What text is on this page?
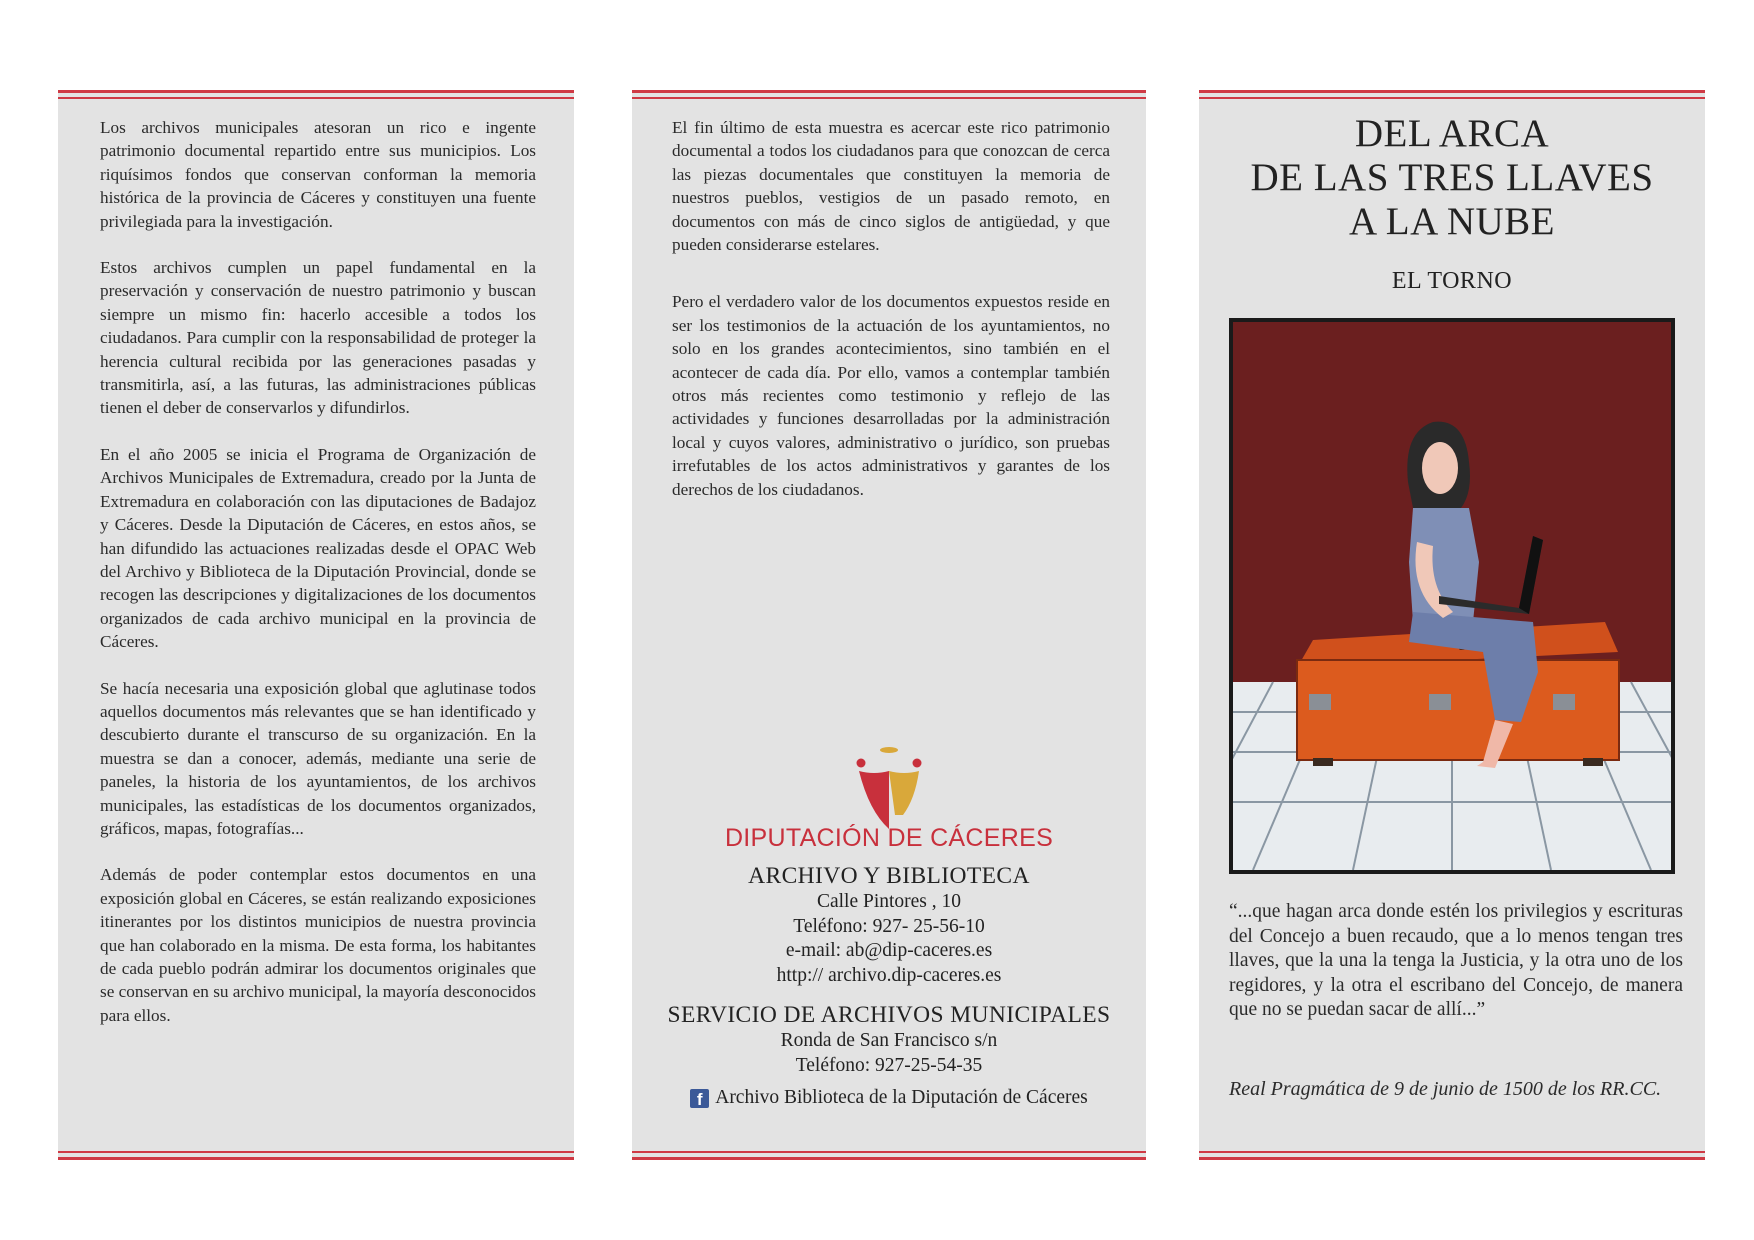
Los archivos municipales atesoran un rico e ingente patrimonio documental repartido entre sus municipios. Los riquísimos fondos que conservan conforman la memoria histórica de la provincia de Cáceres y constituyen una fuente privilegiada para la investigación.

Estos archivos cumplen un papel fundamental en la preservación y conservación de nuestro patrimonio y buscan siempre un mismo fin: hacerlo accesible a todos los ciudadanos. Para cumplir con la responsabilidad de proteger la herencia cultural recibida por las generaciones pasadas y transmitirla, así, a las futuras, las administraciones públicas tienen el deber de conservarlos y difundirlos.

En el año 2005 se inicia el Programa de Organización de Archivos Municipales de Extremadura, creado por la Junta de Extremadura en colaboración con las diputaciones de Badajoz y Cáceres. Desde la Diputación de Cáceres, en estos años, se han difundido las actuaciones realizadas desde el OPAC Web del Archivo y Biblioteca de la Diputación Provincial, donde se recogen las descripciones y digitalizaciones de los documentos organizados de cada archivo municipal en la provincia de Cáceres.

Se hacía necesaria una exposición global que aglutinase todos aquellos documentos más relevantes que se han identificado y descubierto durante el transcurso de su organización. En la muestra se dan a conocer, además, mediante una serie de paneles, la historia de los ayuntamientos, de los archivos municipales, las estadísticas de los documentos organizados, gráficos, mapas, fotografías...

Además de poder contemplar estos documentos en una exposición global en Cáceres, se están realizando exposiciones itinerantes por los distintos municipios de nuestra provincia que han colaborado en la misma. De esta forma, los habitantes de cada pueblo podrán admirar los documentos originales que se conservan en su archivo municipal, la mayoría desconocidos para ellos.

El fin último de esta muestra es acercar este rico patrimonio documental a todos los ciudadanos para que conozcan de cerca las piezas documentales que constituyen la memoria de nuestros pueblos, vestigios de un pasado remoto, en documentos con más de cinco siglos de antigüedad, y que pueden considerarse estelares.

Pero el verdadero valor de los documentos expuestos reside en ser los testimonios de la actuación de los ayuntamientos, no solo en los grandes acontecimientos, sino también en el acontecer de cada día. Por ello, vamos a contemplar también otros más recientes como testimonio y reflejo de las actividades y funciones desarrolladas por la administración local y cuyos valores, administrativo o jurídico, son pruebas irrefutables de los actos administrativos y garantes de los derechos de los ciudadanos.

DIPUTACIÓN DE CÁCERES
ARCHIVO Y BIBLIOTECA
Calle Pintores , 10
Teléfono: 927- 25-56-10
e-mail: ab@dip-caceres.es
http:// archivo.dip-caceres.es
SERVICIO DE ARCHIVOS MUNICIPALES
Ronda de San Francisco s/n
Teléfono: 927-25-54-35
f Archivo Biblioteca de la Diputación de Cáceres
DEL ARCA
DE LAS TRES LLAVES
A LA NUBE
EL TORNO
“...que hagan arca donde estén los privilegios y escrituras del Concejo a buen recaudo, que a lo menos tengan tres llaves, que la una la tenga la Justicia, y la otra uno de los regidores, y la otra el escribano del Concejo, de manera que no se puedan sacar de allí...”
Real Pragmática de 9 de junio de 1500 de los RR.CC.
